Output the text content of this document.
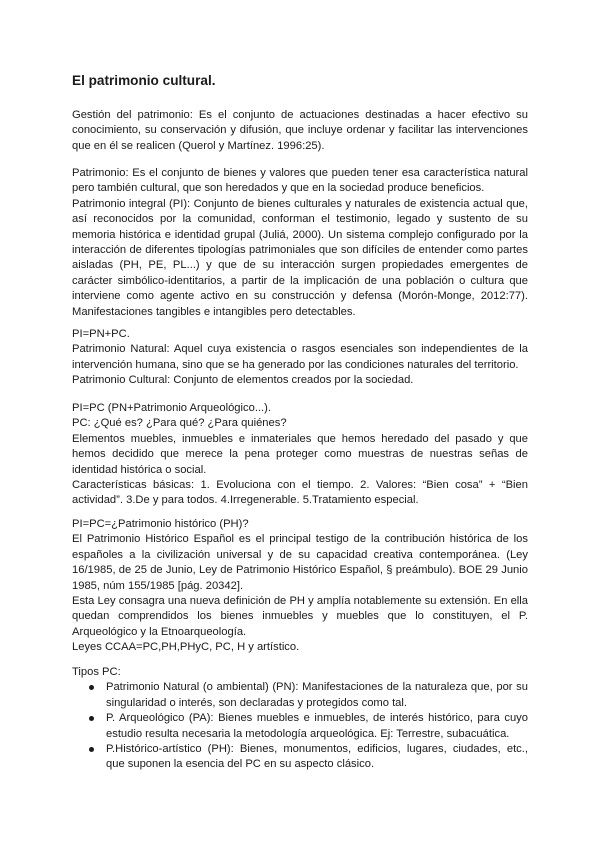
El patrimonio cultural.

Gestión del patrimonio: Es el conjunto de actuaciones destinadas a hacer efectivo su conocimiento, su conservación y difusión, que incluye ordenar y facilitar las intervenciones que en él se realicen (Querol y Martínez. 1996:25).

Patrimonio: Es el conjunto de bienes y valores que pueden tener esa característica natural pero también cultural, que son heredados y que en la sociedad produce beneficios.

Patrimonio integral (PI): Conjunto de bienes culturales y naturales de existencia actual que, así reconocidos por la comunidad, conforman el testimonio, legado y sustento de su memoria histórica e identidad grupal (Juliá, 2000). Un sistema complejo configurado por la interacción de diferentes tipologías patrimoniales que son difíciles de entender como partes aisladas (PH, PE, PL...) y que de su interacción surgen propiedades emergentes de carácter simbólico-identitarios, a partir de la implicación de una población o cultura que interviene como agente activo en su construcción y defensa (Morón-Monge, 2012:77). Manifestaciones tangibles e intangibles pero detectables.

PI=PN+PC.

Patrimonio Natural: Aquel cuya existencia o rasgos esenciales son independientes de la intervención humana, sino que se ha generado por las condiciones naturales del territorio.

Patrimonio Cultural: Conjunto de elementos creados por la sociedad.

PI=PC (PN+Patrimonio Arqueológico...).

PC: ¿Qué es? ¿Para qué? ¿Para quiénes?

Elementos muebles, inmuebles e inmateriales que hemos heredado del pasado y que hemos decidido que merece la pena proteger como muestras de nuestras señas de identidad histórica o social.

Características básicas: 1. Evoluciona con el tiempo. 2. Valores: “Bien cosa” + “Bien actividad”. 3.De y para todos. 4.Irregenerable. 5.Tratamiento especial.

PI=PC=¿Patrimonio histórico (PH)?

El Patrimonio Histórico Español es el principal testigo de la contribución histórica de los españoles a la civilización universal y de su capacidad creativa contemporánea. (Ley 16/1985, de 25 de Junio, Ley de Patrimonio Histórico Español, § preámbulo). BOE 29 Junio 1985, núm 155/1985 [pág. 20342].

Esta Ley consagra una nueva definición de PH y amplía notablemente su extensión. En ella quedan comprendidos los bienes inmuebles y muebles que lo constituyen, el P. Arqueológico y la Etnoarqueología.

Leyes CCAA=PC,PH,PHyC, PC, H y artístico.

Tipos PC:

Patrimonio Natural (o ambiental) (PN): Manifestaciones de la naturaleza que, por su singularidad o interés, son declaradas y protegidos como tal.
P. Arqueológico (PA): Bienes muebles e inmuebles, de interés histórico, para cuyo estudio resulta necesaria la metodología arqueológica. Ej: Terrestre, subacuática.
P.Histórico-artístico (PH): Bienes, monumentos, edificios, lugares, ciudades, etc., que suponen la esencia del PC en su aspecto clásico.
